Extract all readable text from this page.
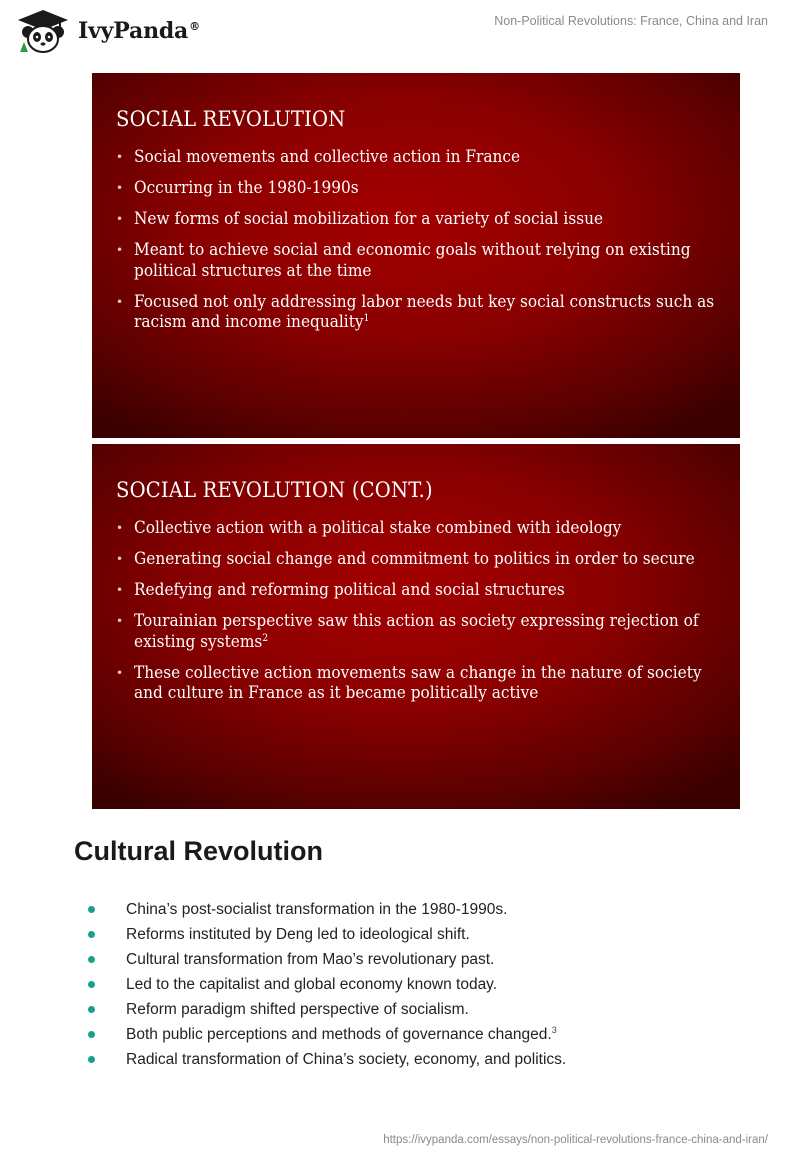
IvyPanda®	Non-Political Revolutions: France, China and Iran
SOCIAL REVOLUTION
• Social movements and collective action in France
• Occurring in the 1980-1990s
• New forms of social mobilization for a variety of social issue
• Meant to achieve social and economic goals without relying on existing political structures at the time
• Focused not only addressing labor needs but key social constructs such as racism and income inequality$^1$
SOCIAL REVOLUTION (CONT.)
• Collective action with a political stake combined with ideology
• Generating social change and commitment to politics in order to secure
• Redefying and reforming political and social structures
• Tourainian perspective saw this action as society expressing rejection of existing systems$^2$
• These collective action movements saw a change in the nature of society and culture in France as it became politically active
Cultural Revolution
China’s post-socialist transformation in the 1980-1990s.
Reforms instituted by Deng led to ideological shift.
Cultural transformation from Mao’s revolutionary past.
Led to the capitalist and global economy known today.
Reform paradigm shifted perspective of socialism.
Both public perceptions and methods of governance changed.$^3$
Radical transformation of China’s society, economy, and politics.
https://ivypanda.com/essays/non-political-revolutions-france-china-and-iran/
